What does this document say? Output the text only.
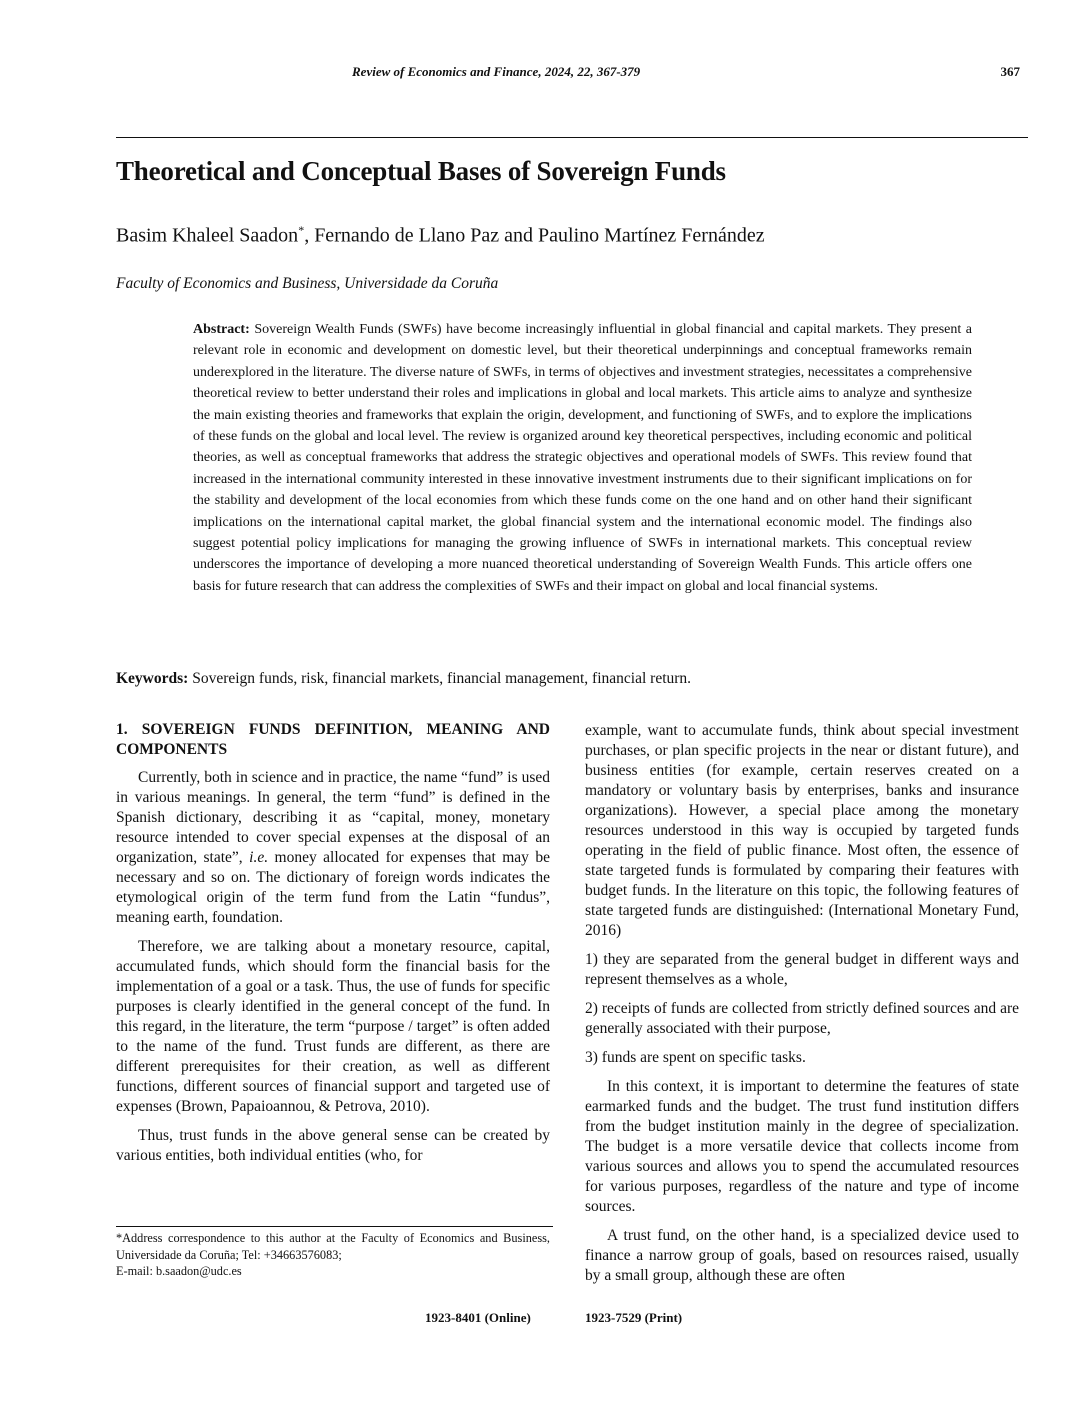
Review of Economics and Finance, 2024, 22, 367-379	367
Theoretical and Conceptual Bases of Sovereign Funds
Basim Khaleel Saadon*, Fernando de Llano Paz and Paulino Martínez Fernández
Faculty of Economics and Business, Universidade da Coruña

Abstract: Sovereign Wealth Funds (SWFs) have become increasingly influential in global financial and capital markets. They present a relevant role in economic and development on domestic level, but their theoretical underpinnings and conceptual frameworks remain underexplored in the literature. The diverse nature of SWFs, in terms of objectives and investment strategies, necessitates a comprehensive theoretical review to better understand their roles and implications in global and local markets. This article aims to analyze and synthesize the main existing theories and frameworks that explain the origin, development, and functioning of SWFs, and to explore the implications of these funds on the global and local level. The review is organized around key theoretical perspectives, including economic and political theories, as well as conceptual frameworks that address the strategic objectives and operational models of SWFs. This review found that increased in the international community interested in these innovative investment instruments due to their significant implications on for the stability and development of the local economies from which these funds come on the one hand and on other hand their significant implications on the international capital market, the global financial system and the international economic model. The findings also suggest potential policy implications for managing the growing influence of SWFs in international markets. This conceptual review underscores the importance of developing a more nuanced theoretical understanding of Sovereign Wealth Funds. This article offers one basis for future research that can address the complexities of SWFs and their impact on global and local financial systems.

Keywords: Sovereign funds, risk, financial markets, financial management, financial return.
1. SOVEREIGN FUNDS DEFINITION, MEANING AND COMPONENTS

Currently, both in science and in practice, the name “fund” is used in various meanings. In general, the term “fund” is defined in the Spanish dictionary, describing it as “capital, money, monetary resource intended to cover special expenses at the disposal of an organization, state”, i.e. money allocated for expenses that may be necessary and so on. The dictionary of foreign words indicates the etymological origin of the term fund from the Latin “fundus”, meaning earth, foundation.

Therefore, we are talking about a monetary resource, capital, accumulated funds, which should form the financial basis for the implementation of a goal or a task. Thus, the use of funds for specific purposes is clearly identified in the general concept of the fund. In this regard, in the literature, the term “purpose / target” is often added to the name of the fund. Trust funds are different, as there are different prerequisites for their creation, as well as different functions, different sources of financial support and targeted use of expenses (Brown, Papaioannou, & Petrova, 2010).

Thus, trust funds in the above general sense can be created by various entities, both individual entities (who, for

example, want to accumulate funds, think about special investment purchases, or plan specific projects in the near or distant future), and business entities (for example, certain reserves created on a mandatory or voluntary basis by enterprises, banks and insurance organizations). However, a special place among the monetary resources understood in this way is occupied by targeted funds operating in the field of public finance. Most often, the essence of state targeted funds is formulated by comparing their features with budget funds. In the literature on this topic, the following features of state targeted funds are distinguished: (International Monetary Fund, 2016)

1) they are separated from the general budget in different ways and represent themselves as a whole,

2) receipts of funds are collected from strictly defined sources and are generally associated with their purpose,

3) funds are spent on specific tasks.

In this context, it is important to determine the features of state earmarked funds and the budget. The trust fund institution differs from the budget institution mainly in the degree of specialization. The budget is a more versatile device that collects income from various sources and allows you to spend the accumulated resources for various purposes, regardless of the nature and type of income sources.

A trust fund, on the other hand, is a specialized device used to finance a narrow group of goals, based on resources raised, usually by a small group, although these are often

*Address correspondence to this author at the Faculty of Economics and Business, Universidade da Coruña; Tel: +34663576083;
E-mail: b.saadon@udc.es
1923-8401 (Online)	1923-7529 (Print)
